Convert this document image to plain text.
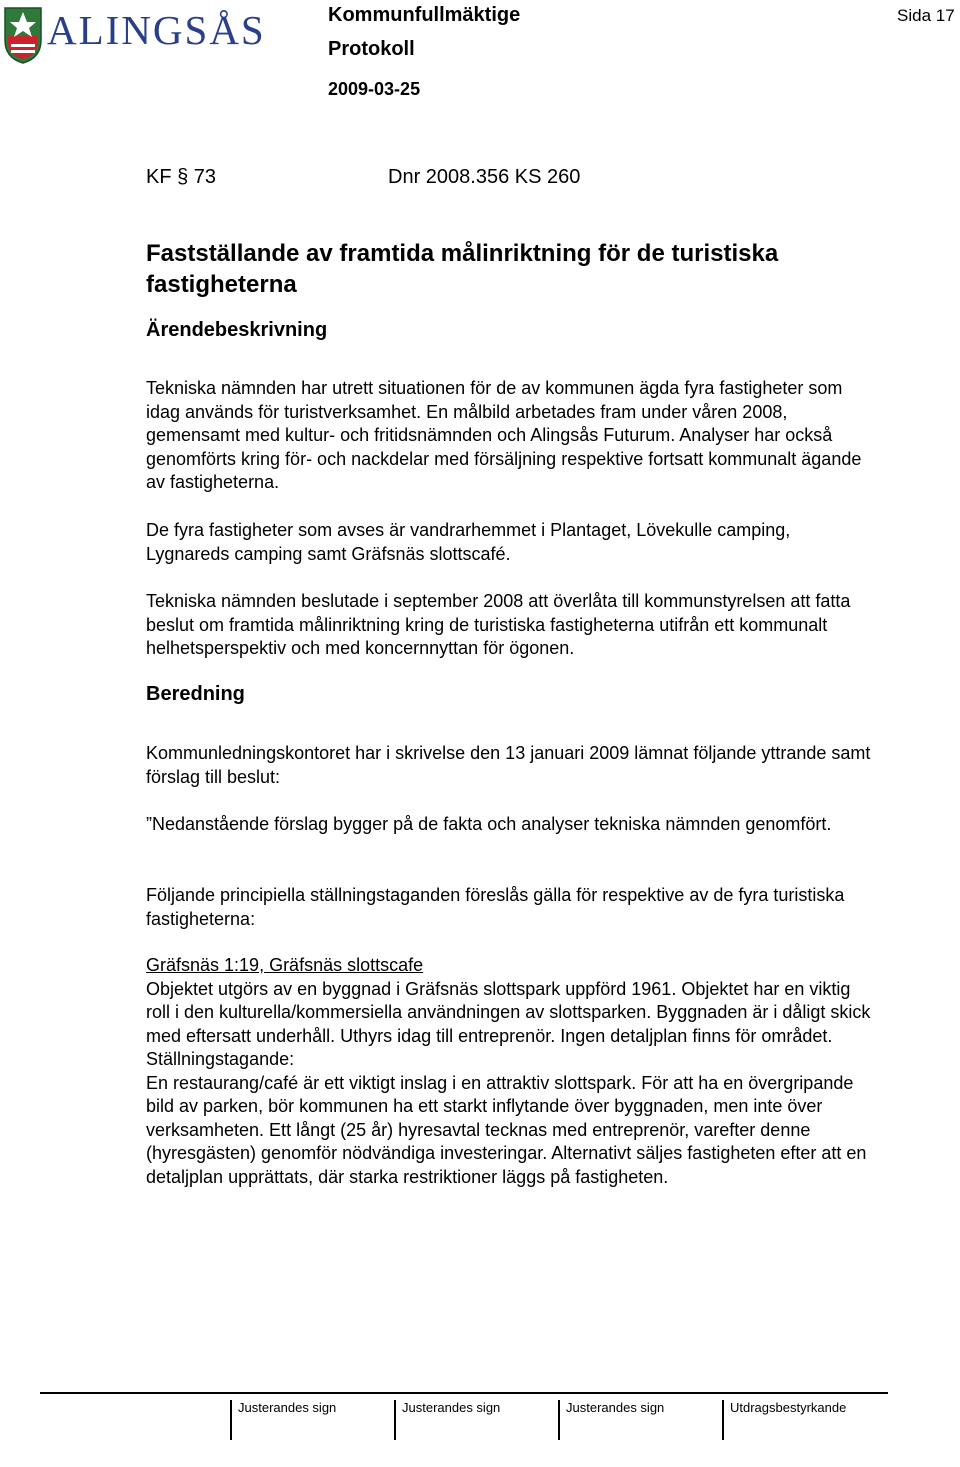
ALINGSÅS	Kommunfullmäktige
Protokoll
2009-03-25
Sida 17
KF § 73	Dnr 2008.356 KS 260
Fastställande av framtida målinriktning för de turistiska fastigheterna
Ärendebeskrivning
Tekniska nämnden har utrett situationen för de av kommunen ägda fyra fastigheter som idag används för turistverksamhet. En målbild arbetades fram under våren 2008, gemensamt med kultur- och fritidsnämnden och Alingsås Futurum. Analyser har också genomförts kring för- och nackdelar med försäljning respektive fortsatt kommunalt ägande av fastigheterna.
De fyra fastigheter som avses är vandrarhemmet i Plantaget, Lövekulle camping, Lygnareds camping samt Gräfsnäs slottscafé.
Tekniska nämnden beslutade i september 2008 att överlåta till kommunstyrelsen att fatta beslut om framtida målinriktning kring de turistiska fastigheterna utifrån ett kommunalt helhetsperspektiv och med koncernnyttan för ögonen.
Beredning
Kommunledningskontoret har i skrivelse den 13 januari 2009 lämnat följande yttrande samt förslag till beslut:
”Nedanstående förslag bygger på de fakta och analyser tekniska nämnden genomfört.
Följande principiella ställningstaganden föreslås gälla för respektive av de fyra turistiska fastigheterna:
Gräfsnäs 1:19, Gräfsnäs slottscafe
Objektet utgörs av en byggnad i Gräfsnäs slottspark uppförd 1961. Objektet har en viktig roll i den kulturella/kommersiella användningen av slottsparken. Byggnaden är i dåligt skick med eftersatt underhåll. Uthyrs idag till entreprenör. Ingen detaljplan finns för området.
Ställningstagande:
En restaurang/café är ett viktigt inslag i en attraktiv slottspark. För att ha en övergripande bild av parken, bör kommunen ha ett starkt inflytande över byggnaden, men inte över verksamheten. Ett långt (25 år) hyresavtal tecknas med entreprenör, varefter denne (hyresgästen) genomför nödvändiga investeringar. Alternativt säljes fastigheten efter att en detaljplan upprättats, där starka restriktioner läggs på fastigheten.
Justerandes sign	Justerandes sign	Justerandes sign	Utdragsbestyrkande
